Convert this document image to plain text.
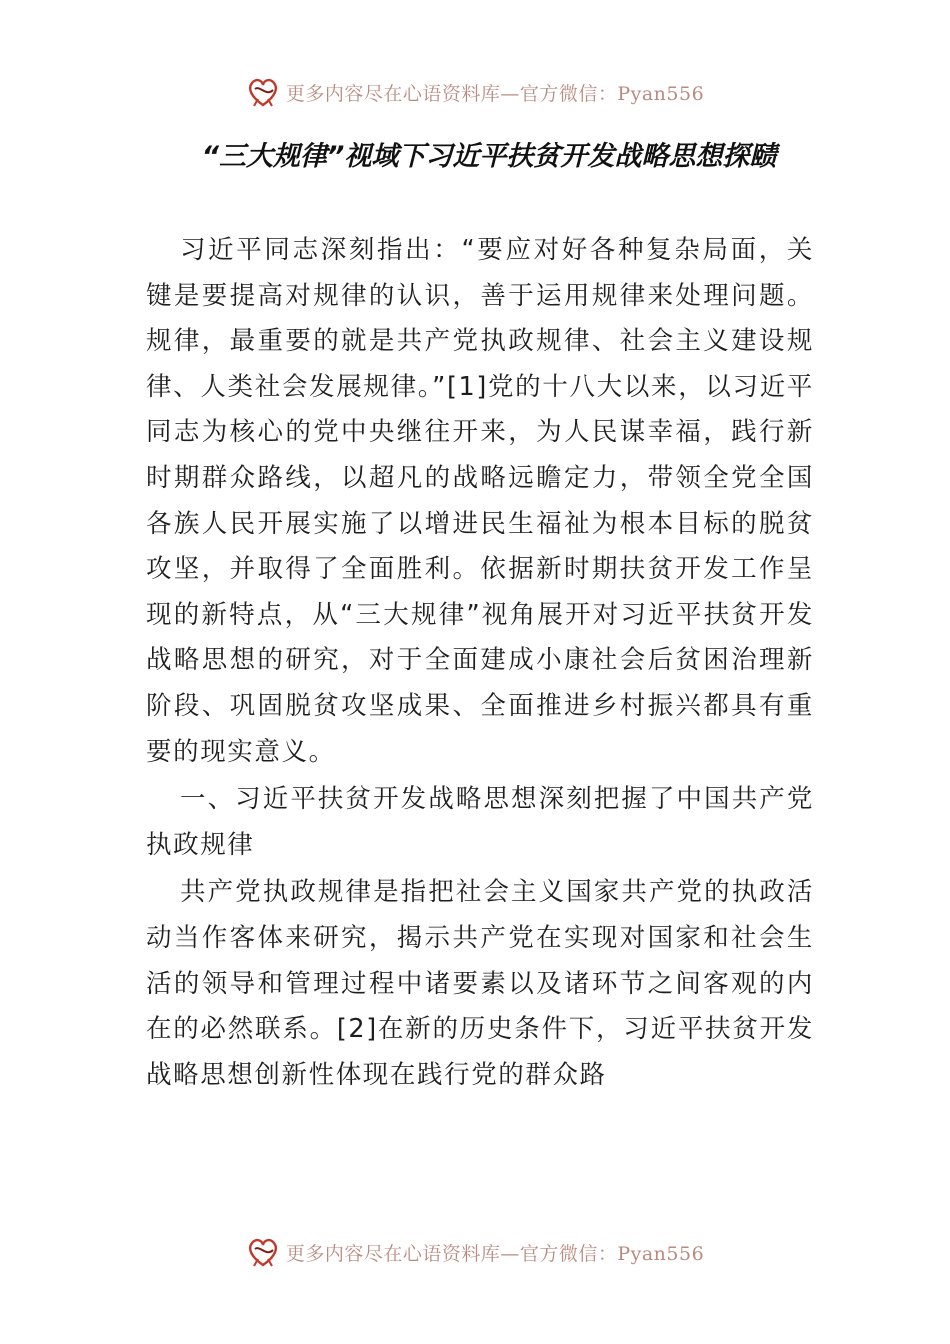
更多内容尽在心语资料库—官方微信：Pyan556
“三大规律”视域下习近平扶贫开发战略思想探赜

习近平同志深刻指出：“要应对好各种复杂局面，关键是要提高对规律的认识，善于运用规律来处理问题。规律，最重要的就是共产党执政规律、社会主义建设规律、人类社会发展规律。”[1]党的十八大以来，以习近平同志为核心的党中央继往开来，为人民谋幸福，践行新时期群众路线，以超凡的战略远瞻定力，带领全党全国各族人民开展实施了以增进民生福祉为根本目标的脱贫攻坚，并取得了全面胜利。依据新时期扶贫开发工作呈现的新特点，从“三大规律”视角展开对习近平扶贫开发战略思想的研究，对于全面建成小康社会后贫困治理新阶段、巩固脱贫攻坚成果、全面推进乡村振兴都具有重要的现实意义。

一、习近平扶贫开发战略思想深刻把握了中国共产党执政规律

共产党执政规律是指把社会主义国家共产党的执政活动当作客体来研究，揭示共产党在实现对国家和社会生活的领导和管理过程中诸要素以及诸环节之间客观的内在的必然联系。[2]在新的历史条件下，习近平扶贫开发战略思想创新性体现在践行党的群众路

更多内容尽在心语资料库—官方微信：Pyan556
